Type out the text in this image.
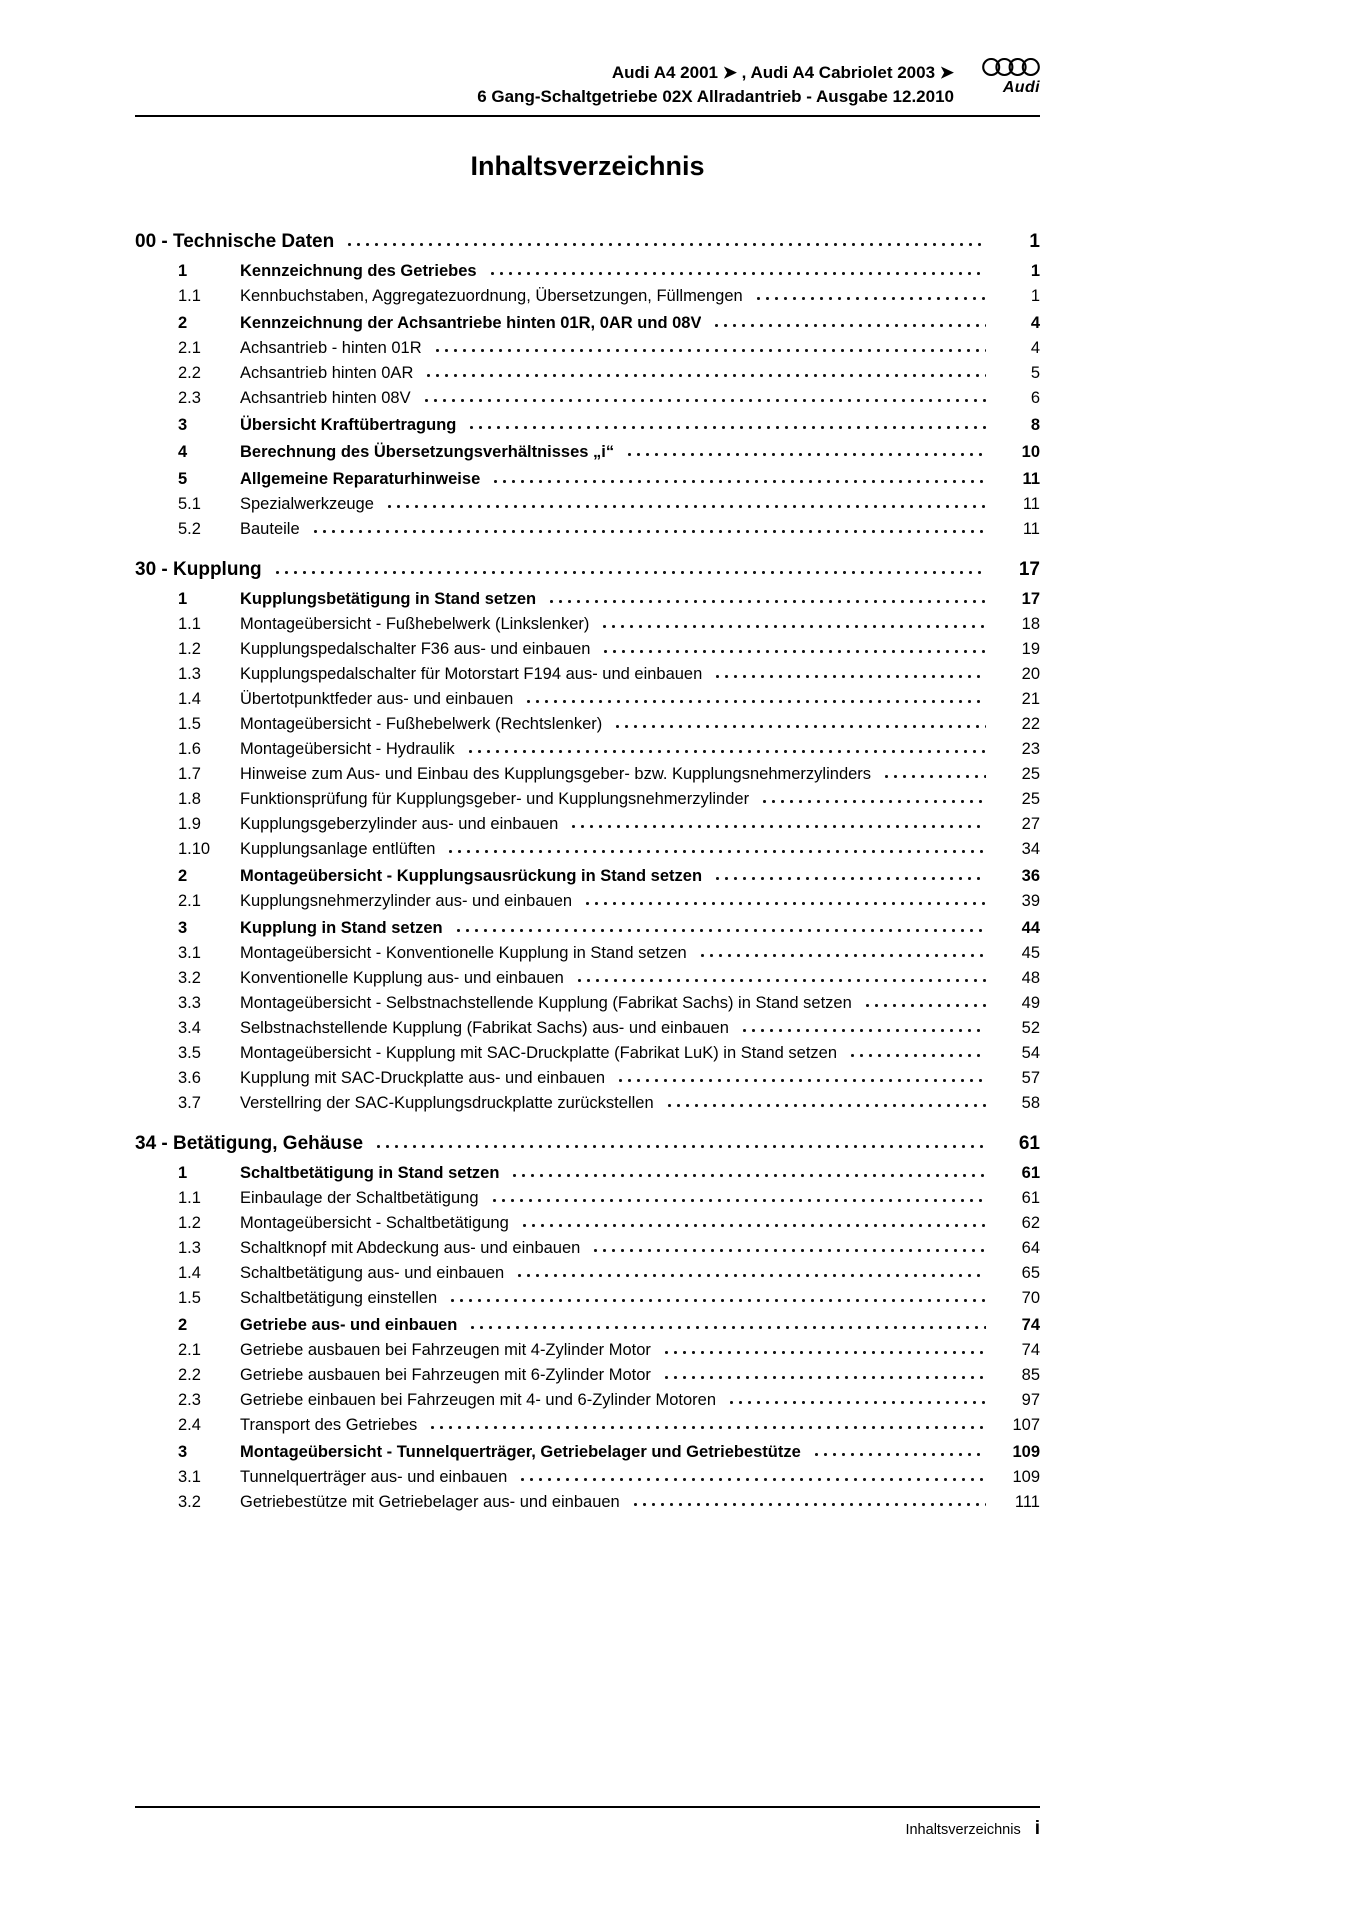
Audi A4 2001 ➤ , Audi A4 Cabriolet 2003 ➤
6 Gang-Schaltgetriebe 02X Allradantrieb - Ausgabe 12.2010	Audi
Inhaltsverzeichnis
00 - Technische Daten	1
1	Kennzeichnung des Getriebes	1
1.1	Kennbuchstaben, Aggregatezuordnung, Übersetzungen, Füllmengen	1
2	Kennzeichnung der Achsantriebe hinten 01R, 0AR und 08V	4
2.1	Achsantrieb - hinten 01R	4
2.2	Achsantrieb hinten 0AR	5
2.3	Achsantrieb hinten 08V	6
3	Übersicht Kraftübertragung	8
4	Berechnung des Übersetzungsverhältnisses „i“	10
5	Allgemeine Reparaturhinweise	11
5.1	Spezialwerkzeuge	11
5.2	Bauteile	11
30 - Kupplung	17
1	Kupplungsbetätigung in Stand setzen	17
1.1	Montageübersicht - Fußhebelwerk (Linkslenker)	18
1.2	Kupplungspedalschalter F36 aus- und einbauen	19
1.3	Kupplungspedalschalter für Motorstart F194 aus- und einbauen	20
1.4	Übertotpunktfeder aus- und einbauen	21
1.5	Montageübersicht - Fußhebelwerk (Rechtslenker)	22
1.6	Montageübersicht - Hydraulik	23
1.7	Hinweise zum Aus- und Einbau des Kupplungsgeber- bzw. Kupplungsnehmerzylinders	25
1.8	Funktionsprüfung für Kupplungsgeber- und Kupplungsnehmerzylinder	25
1.9	Kupplungsgeberzylinder aus- und einbauen	27
1.10	Kupplungsanlage entlüften	34
2	Montageübersicht - Kupplungsausrückung in Stand setzen	36
2.1	Kupplungsnehmerzylinder aus- und einbauen	39
3	Kupplung in Stand setzen	44
3.1	Montageübersicht - Konventionelle Kupplung in Stand setzen	45
3.2	Konventionelle Kupplung aus- und einbauen	48
3.3	Montageübersicht - Selbstnachstellende Kupplung (Fabrikat Sachs) in Stand setzen	49
3.4	Selbstnachstellende Kupplung (Fabrikat Sachs) aus- und einbauen	52
3.5	Montageübersicht - Kupplung mit SAC-Druckplatte (Fabrikat LuK) in Stand setzen	54
3.6	Kupplung mit SAC-Druckplatte aus- und einbauen	57
3.7	Verstellring der SAC-Kupplungsdruckplatte zurückstellen	58
34 - Betätigung, Gehäuse	61
1	Schaltbetätigung in Stand setzen	61
1.1	Einbaulage der Schaltbetätigung	61
1.2	Montageübersicht - Schaltbetätigung	62
1.3	Schaltknopf mit Abdeckung aus- und einbauen	64
1.4	Schaltbetätigung aus- und einbauen	65
1.5	Schaltbetätigung einstellen	70
2	Getriebe aus- und einbauen	74
2.1	Getriebe ausbauen bei Fahrzeugen mit 4-Zylinder Motor	74
2.2	Getriebe ausbauen bei Fahrzeugen mit 6-Zylinder Motor	85
2.3	Getriebe einbauen bei Fahrzeugen mit 4- und 6-Zylinder Motoren	97
2.4	Transport des Getriebes	107
3	Montageübersicht - Tunnelquerträger, Getriebelager und Getriebestütze	109
3.1	Tunnelquerträger aus- und einbauen	109
3.2	Getriebestütze mit Getriebelager aus- und einbauen	111
Inhaltsverzeichnis i
